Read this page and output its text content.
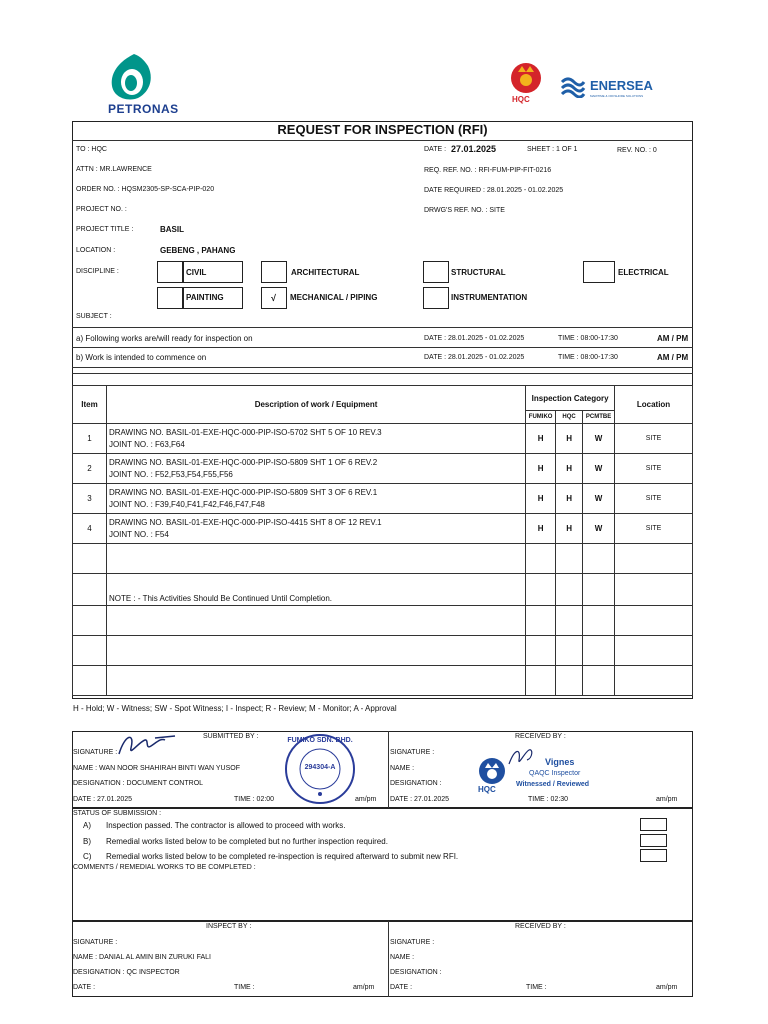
PETRONAS
HQC
ENERSEA
MARITIME & OFFSHORE SOLUTIONS
REQUEST FOR INSPECTION (RFI)
TO : HQC
ATTN : MR.LAWRENCE
ORDER NO. : HQSM2305-SP-SCA-PIP-020
PROJECT NO. :
PROJECT TITLE :	BASIL
LOCATION :	GEBENG , PAHANG
DISCIPLINE :
DATE : 27.01.2025	SHEET : 1 OF 1	REV. NO. : 0
REQ. REF. NO. : RFI-FUM-PIP-FIT-0216
DATE REQUIRED : 28.01.2025 - 01.02.2025
DRWG'S REF. NO. : SITE
CIVIL	ARCHITECTURAL	STRUCTURAL	ELECTRICAL
PAINTING	√ MECHANICAL / PIPING	INSTRUMENTATION
SUBJECT :
a) Following works are/will ready for inspection on	DATE : 28.01.2025 - 01.02.2025	TIME : 08:00-17:30	AM / PM
b) Work is intended to commence on	DATE : 28.01.2025 - 01.02.2025	TIME : 08:00-17:30	AM / PM
Item	Description of work / Equipment	Inspection Category			Location
		FUMIKO	HQC	PCMTBE	
1	DRAWING NO. BASIL-01-EXE-HQC-000-PIP-ISO-5702 SHT 5 OF 10 REV.3
JOINT NO. : F63,F64	H	H	W	SITE
2	DRAWING NO. BASIL-01-EXE-HQC-000-PIP-ISO-5809 SHT 1 OF 6 REV.2
JOINT NO. : F52,F53,F54,F55,F56	H	H	W	SITE
3	DRAWING NO. BASIL-01-EXE-HQC-000-PIP-ISO-5809 SHT 3 OF 6 REV.1
JOINT NO. : F39,F40,F41,F42,F46,F47,F48	H	H	W	SITE
4	DRAWING NO. BASIL-01-EXE-HQC-000-PIP-ISO-4415 SHT 8 OF 12 REV.1
JOINT NO. : F54	H	H	W	SITE

	NOTE : - This Activities Should Be Continued Until Completion.				

H - Hold; W - Witness; SW - Spot Witness; I - Inspect; R - Review; M - Monitor; A - Approval
SUBMITTED BY :
SIGNATURE :
NAME : WAN NOOR SHAHIRAH BINTI WAN YUSOF
DESIGNATION : DOCUMENT CONTROL
DATE : 27.01.2025	TIME : 02:00	am/pm
FUMIKO SDN. BHD.
294304-A
RECEIVED BY :
SIGNATURE :
NAME :
DESIGNATION :
DATE : 27.01.2025	TIME : 02:30	am/pm
HQC
Vignes
QAQC Inspector
Witnessed / Reviewed
STATUS OF SUBMISSION :
A) Inspection passed. The contractor is allowed to proceed with works.
B) Remedial works listed below to be completed but no further inspection required.
C) Remedial works listed below to be completed re-inspection is required afterward to submit new RFI.
COMMENTS / REMEDIAL WORKS TO BE COMPLETED :
INSPECT BY :
SIGNATURE :
NAME : DANIAL AL AMIN BIN ZURUKI FALI
DESIGNATION : QC INSPECTOR
DATE :	TIME :	am/pm
RECEIVED BY :
SIGNATURE :
NAME :
DESIGNATION :
DATE :	TIME :	am/pm
